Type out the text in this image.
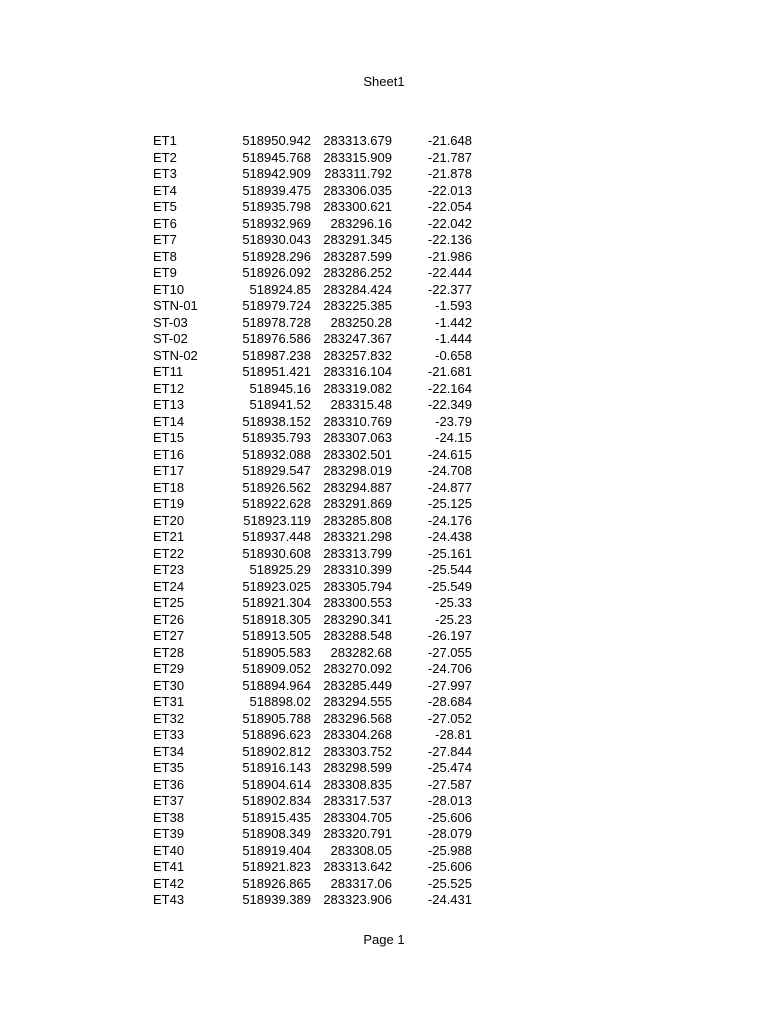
Sheet1
ET1	518950.942	283313.679	-21.648
ET2	518945.768	283315.909	-21.787
ET3	518942.909	283311.792	-21.878
ET4	518939.475	283306.035	-22.013
ET5	518935.798	283300.621	-22.054
ET6	518932.969	283296.16	-22.042
ET7	518930.043	283291.345	-22.136
ET8	518928.296	283287.599	-21.986
ET9	518926.092	283286.252	-22.444
ET10	518924.85	283284.424	-22.377
STN-01	518979.724	283225.385	-1.593
ST-03	518978.728	283250.28	-1.442
ST-02	518976.586	283247.367	-1.444
STN-02	518987.238	283257.832	-0.658
ET11	518951.421	283316.104	-21.681
ET12	518945.16	283319.082	-22.164
ET13	518941.52	283315.48	-22.349
ET14	518938.152	283310.769	-23.79
ET15	518935.793	283307.063	-24.15
ET16	518932.088	283302.501	-24.615
ET17	518929.547	283298.019	-24.708
ET18	518926.562	283294.887	-24.877
ET19	518922.628	283291.869	-25.125
ET20	518923.119	283285.808	-24.176
ET21	518937.448	283321.298	-24.438
ET22	518930.608	283313.799	-25.161
ET23	518925.29	283310.399	-25.544
ET24	518923.025	283305.794	-25.549
ET25	518921.304	283300.553	-25.33
ET26	518918.305	283290.341	-25.23
ET27	518913.505	283288.548	-26.197
ET28	518905.583	283282.68	-27.055
ET29	518909.052	283270.092	-24.706
ET30	518894.964	283285.449	-27.997
ET31	518898.02	283294.555	-28.684
ET32	518905.788	283296.568	-27.052
ET33	518896.623	283304.268	-28.81
ET34	518902.812	283303.752	-27.844
ET35	518916.143	283298.599	-25.474
ET36	518904.614	283308.835	-27.587
ET37	518902.834	283317.537	-28.013
ET38	518915.435	283304.705	-25.606
ET39	518908.349	283320.791	-28.079
ET40	518919.404	283308.05	-25.988
ET41	518921.823	283313.642	-25.606
ET42	518926.865	283317.06	-25.525
ET43	518939.389	283323.906	-24.431
Page 1
